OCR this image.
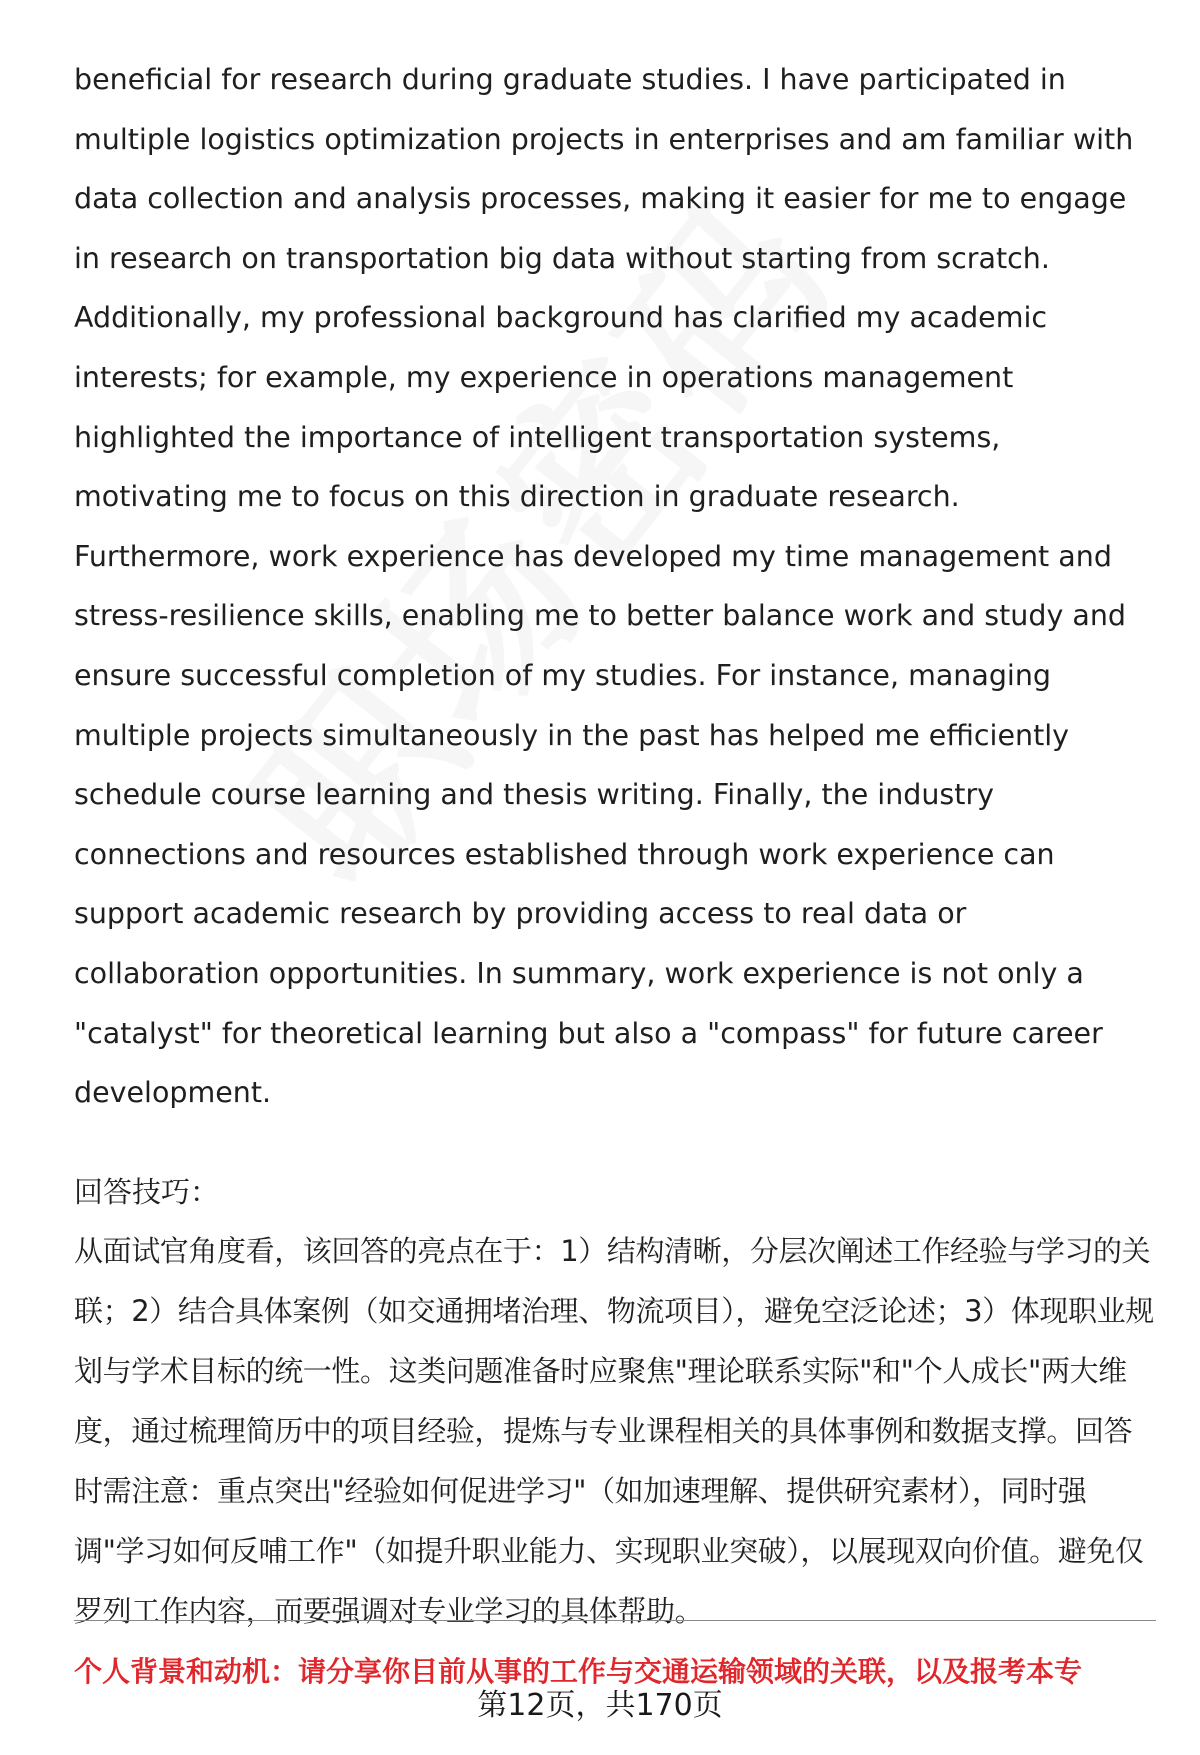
beneficial for research during graduate studies. I have participated in multiple logistics optimization projects in enterprises and am familiar with data collection and analysis processes, making it easier for me to engage in research on transportation big data without starting from scratch. Additionally, my professional background has clarified my academic interests; for example, my experience in operations management highlighted the importance of intelligent transportation systems, motivating me to focus on this direction in graduate research. Furthermore, work experience has developed my time management and stress-resilience skills, enabling me to better balance work and study and ensure successful completion of my studies. For instance, managing multiple projects simultaneously in the past has helped me efficiently schedule course learning and thesis writing. Finally, the industry connections and resources established through work experience can support academic research by providing access to real data or collaboration opportunities. In summary, work experience is not only a "catalyst" for theoretical learning but also a "compass" for future career development.

回答技巧：

从面试官角度看，该回答的亮点在于：1）结构清晰，分层次阐述工作经验与学习的关联；2）结合具体案例（如交通拥堵治理、物流项目），避免空泛论述；3）体现职业规划与学术目标的统一性。这类问题准备时应聚焦"理论联系实际"和"个人成长"两大维度，通过梳理简历中的项目经验，提炼与专业课程相关的具体事例和数据支撑。回答时需注意：重点突出"经验如何促进学习"（如加速理解、提供研究素材），同时强调"学习如何反哺工作"（如提升职业能力、实现职业突破），以展现双向价值。避免仅罗列工作内容，而要强调对专业学习的具体帮助。

个人背景和动机：请分享你目前从事的工作与交通运输领域的关联，以及报考本专
第12页，共170页
